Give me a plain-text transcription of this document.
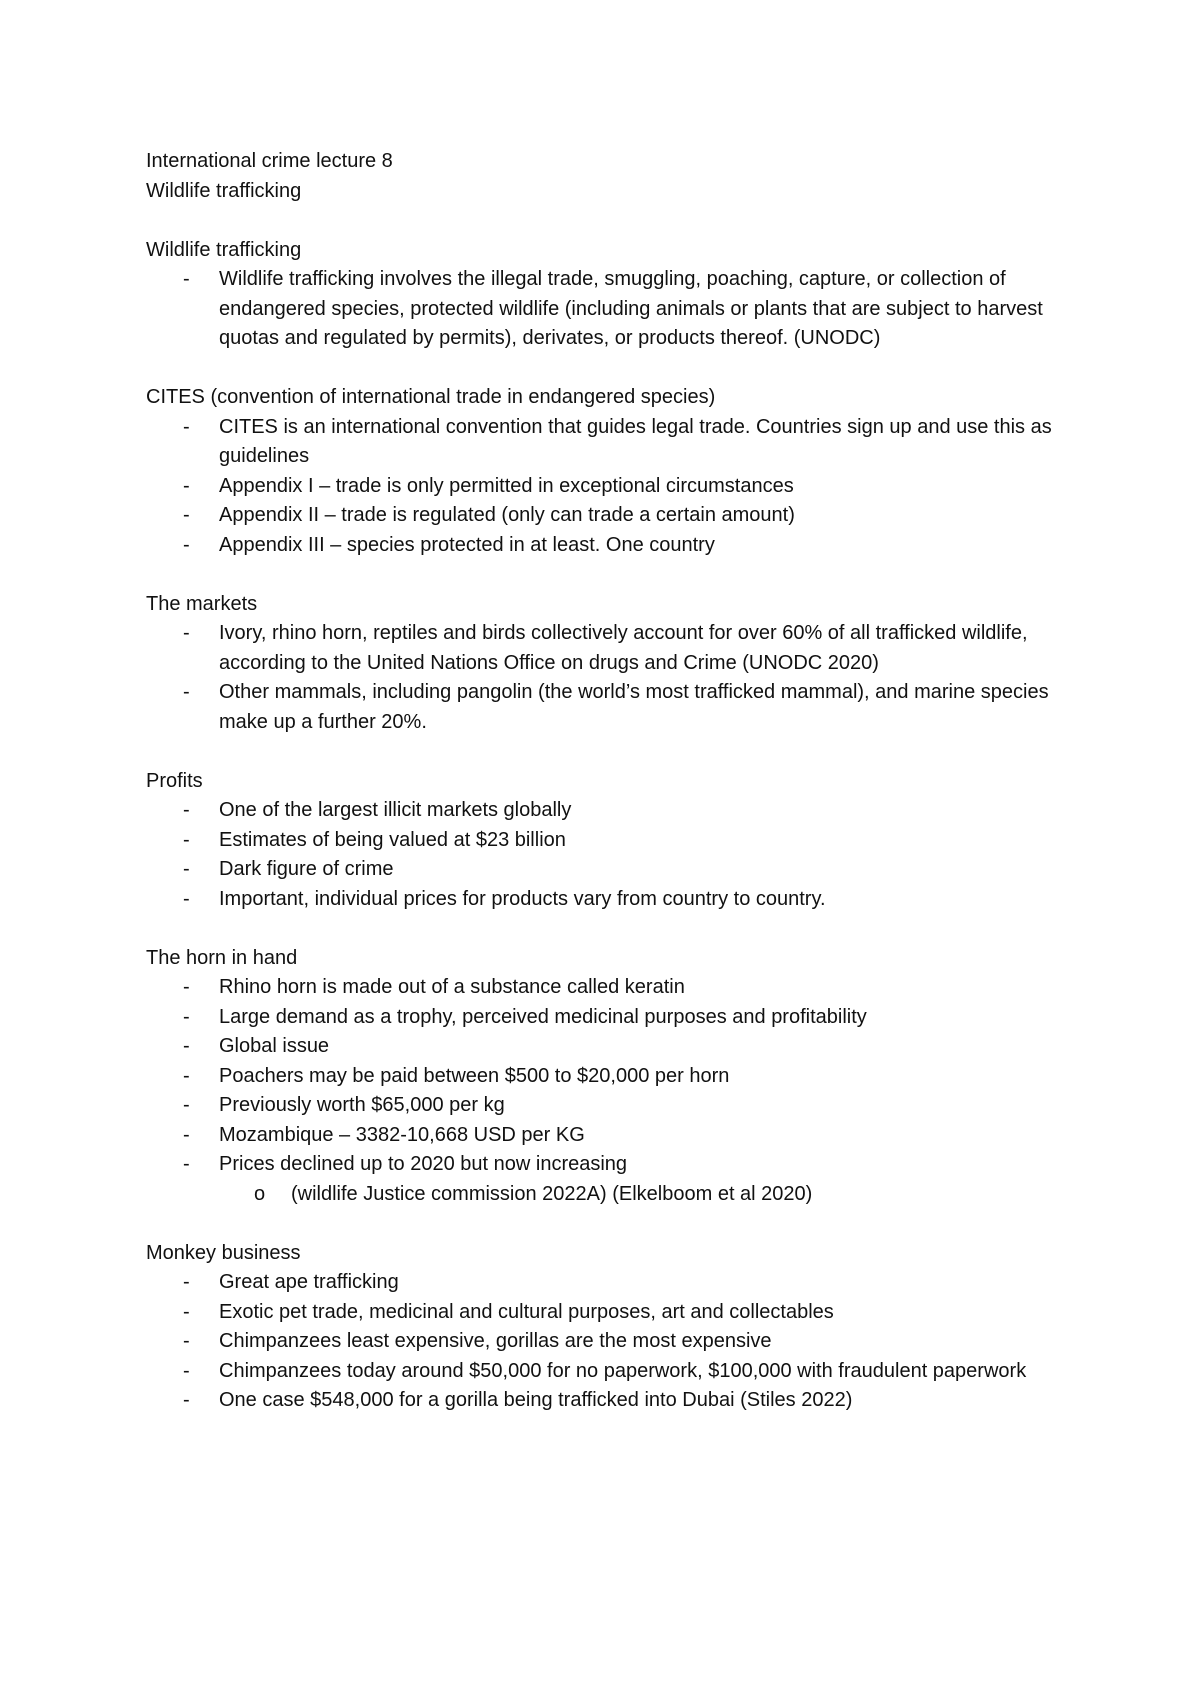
International crime lecture 8

Wildlife trafficking

Wildlife trafficking

- Wildlife trafficking involves the illegal trade, smuggling, poaching, capture, or collection of endangered species, protected wildlife (including animals or plants that are subject to harvest quotas and regulated by permits), derivates, or products thereof. (UNODC)

CITES (convention of international trade in endangered species)

- CITES is an international convention that guides legal trade. Countries sign up and use this as guidelines

- Appendix I – trade is only permitted in exceptional circumstances

- Appendix II – trade is regulated (only can trade a certain amount)

- Appendix III – species protected in at least. One country

The markets

- Ivory, rhino horn, reptiles and birds collectively account for over 60% of all trafficked wildlife, according to the United Nations Office on drugs and Crime (UNODC 2020)

- Other mammals, including pangolin (the world’s most trafficked mammal), and marine species make up a further 20%.

Profits

- One of the largest illicit markets globally

- Estimates of being valued at $23 billion

- Dark figure of crime

- Important, individual prices for products vary from country to country.

The horn in hand

- Rhino horn is made out of a substance called keratin

- Large demand as a trophy, perceived medicinal purposes and profitability

- Global issue

- Poachers may be paid between $500 to $20,000 per horn

- Previously worth $65,000 per kg

- Mozambique – 3382-10,668 USD per KG

- Prices declined up to 2020 but now increasing

o (wildlife Justice commission 2022A) (Elkelboom et al 2020)

Monkey business

- Great ape trafficking

- Exotic pet trade, medicinal and cultural purposes, art and collectables

- Chimpanzees least expensive, gorillas are the most expensive

- Chimpanzees today around $50,000 for no paperwork, $100,000 with fraudulent paperwork

- One case $548,000 for a gorilla being trafficked into Dubai (Stiles 2022)
